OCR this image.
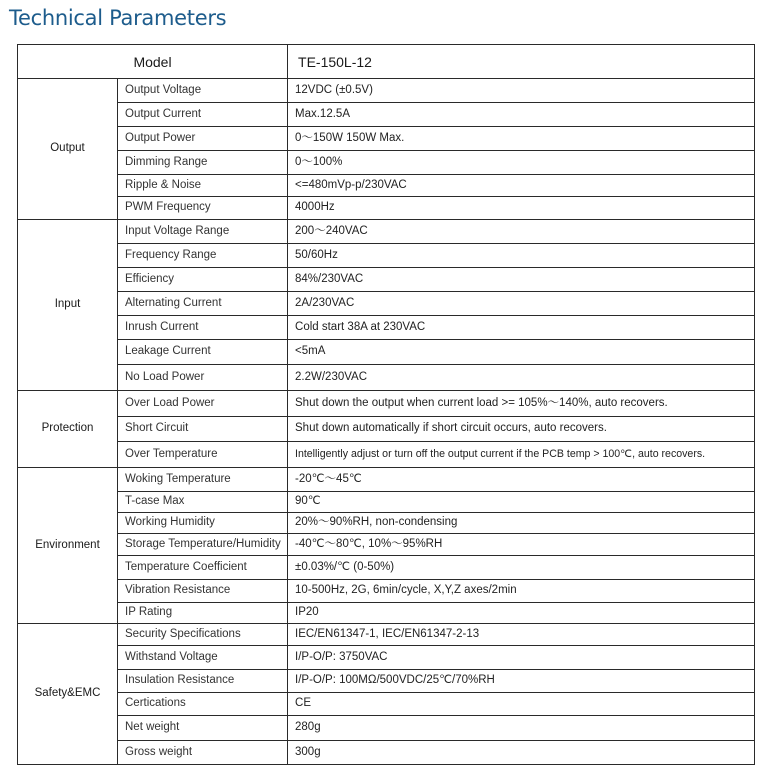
Technical Parameters
Model		TE-150L-12
Output	Output Voltage	12VDC (±0.5V)
	Output Current	Max.12.5A
	Output Power	0～150W 150W Max.
	Dimming Range	0～100%
	Ripple & Noise	<=480mVp-p/230VAC
	PWM Frequency	4000Hz
Input	Input Voltage Range	200～240VAC
	Frequency Range	50/60Hz
	Efficiency	84%/230VAC
	Alternating Current	2A/230VAC
	Inrush Current	Cold start 38A at 230VAC
	Leakage Current	<5mA
	No Load Power	2.2W/230VAC
Protection	Over Load Power	Shut down the output when current load >= 105%～140%, auto recovers.
	Short Circuit	Shut down automatically if short circuit occurs, auto recovers.
	Over Temperature	Intelligently adjust or turn off the output current if the PCB temp > 100℃, auto recovers.
Environment	Woking Temperature	-20℃～45℃
	T-case Max	90℃
	Working Humidity	20%～90%RH, non-condensing
	Storage Temperature/Humidity	-40℃～80℃, 10%～95%RH
	Temperature Coefficient	±0.03%/℃ (0-50%)
	Vibration Resistance	10-500Hz, 2G, 6min/cycle, X,Y,Z axes/2min
	IP Rating	IP20
Safety&EMC	Security Specifications	IEC/EN61347-1, IEC/EN61347-2-13
	Withstand Voltage	I/P-O/P: 3750VAC
	Insulation Resistance	I/P-O/P: 100MΩ/500VDC/25℃/70%RH
	Certications	CE
	Net weight	280g
	Gross weight	300g
